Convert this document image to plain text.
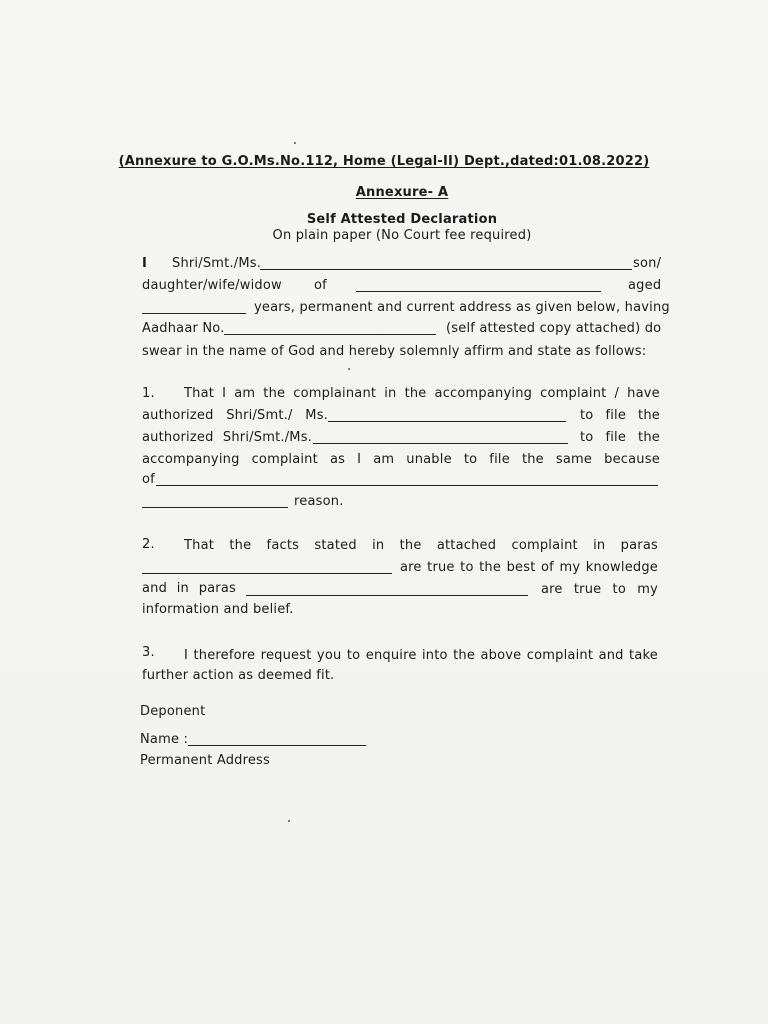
(Annexure to G.O.Ms.No.112, Home (Legal-II) Dept.,dated:01.08.2022)
Annexure- A
Self Attested Declaration
On plain paper (No Court fee required)
I Shri/Smt./Ms.	son/
daughter/wife/widow of	aged
years, permanent and current address as given below, having
Aadhaar No.	(self attested copy attached) do
swear in the name of God and hereby solemnly affirm and state as follows:
1. That I am the complainant in the accompanying complaint / have
authorized Shri/Smt./ Ms.	to file the
authorized Shri/Smt./Ms.	to file the
accompanying complaint as I am unable to file the same because
of
reason.
2. That the facts stated in the attached complaint in paras
are true to the best of my knowledge
and in paras	are true to my
information and belief.
3. I therefore request you to enquire into the above complaint and take
further action as deemed fit.
Deponent
Name :
Permanent Address
